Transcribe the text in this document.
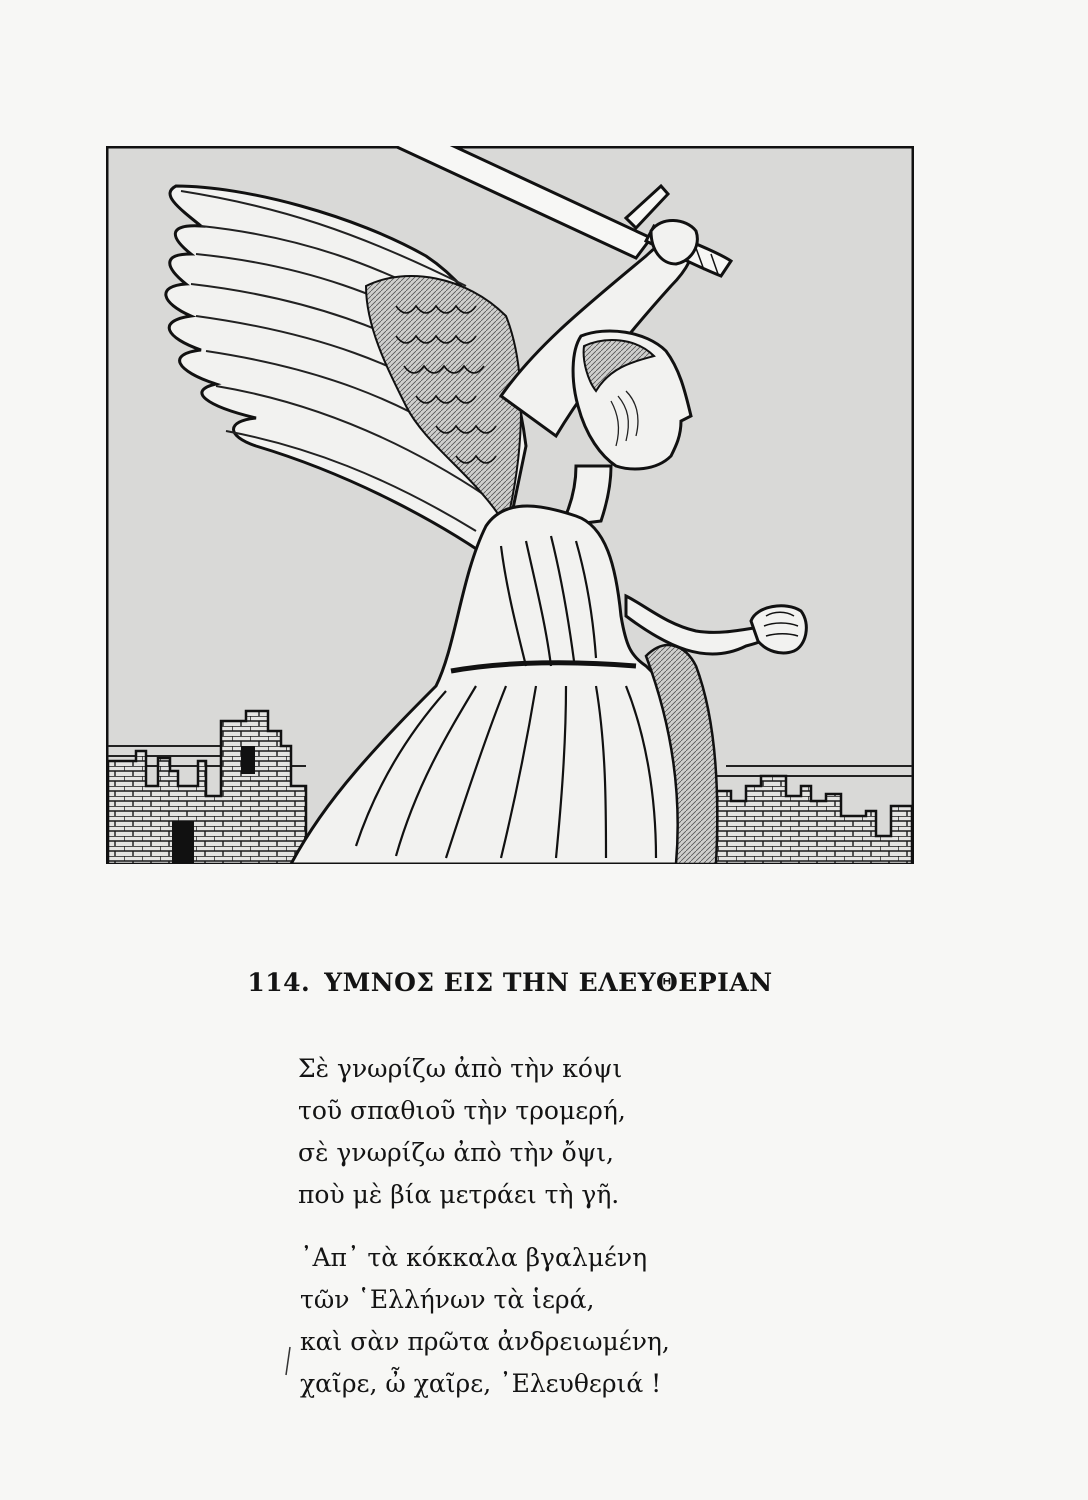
114. ΥΜΝΟΣ ΕΙΣ ΤΗΝ ΕΛΕΥΘΕΡΙΑΝ
Σὲ γνωρίζω ἀπὸ τὴν κόψι
τοῦ σπαθιοῦ τὴν τρομερή,
σὲ γνωρίζω ἀπὸ τὴν ὄψι,
ποὺ μὲ βία μετράει τὴ γῆ.
᾿Απ᾿ τὰ κόκκαλα βγαλμένη
τῶν ῾Ελλήνων τὰ ἱερά,
καὶ σὰν πρῶτα ἀνδρειωμένη,
χαῖρε, ὦ χαῖρε, ᾿Ελευθεριά !
